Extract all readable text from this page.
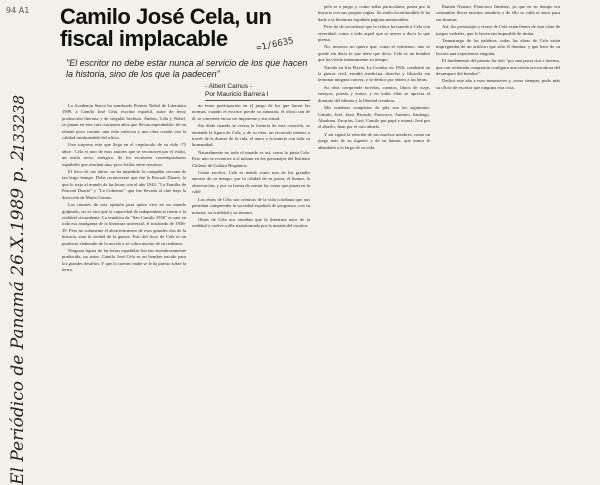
94 A1
133238
El Periódico de Panamá 26.X.1989 p. 2
Camilo José Cela, un fiscal implacable	=1/6635
"El escritor no debe estar nunca al servicio de los que hacen la historia, sino de los que la padecen"
- Albert Camus -
Por Mauricio Barrera I

La Academia Sueca ha nombrado Premio Nobel de Literatura 1989, a Camilo José Cela, escritor español, autor de feroz producción literaria y de singular hechura. Ambos, Cela y Nobel, se juntan en este casi cincuenta años que llevan esperándolo, de un talante poco común, una vida valerosa y una obra creada con la calidad insobornable del oficio.

Una sorpresa este que llega en el crepúsculo de su vida -73 años-. Cela es uno de esos autores que se reconocen por el estilo, un estilo recio, enérgico, de los escritores contemporáneos españoles que resultan muy poco leídos entre nosotros.

El fisco de sus obras, no ha impedido la compañía cercana de tan largo tiempo. Debe reconocerse que fue la Pascual Duarte, la que lo trajo al mundo de las letras con el año 1942: "La Familia de Pascual Duarte" y "La Colmena", que fue llevada al cine bajo la dirección de Mario Camus.

Las razones de esta opinión para quien vive en un mundo golpeado, no es otra que la capacidad de independencia frente a la realidad circundante. La temática de "San Camilo 1936" es uno en toda esa amalgama de la literatura universal, el trasfondo de 1936-39. Pero no solamente el aborrecimiento de esos grandes ríos de la historia, sino la verdad de la guerra. Esto del fisco de Cela es un producto elaborado de la novela y se cobra mucho de su realismo.

Ninguna figura de las letras españolas fue tan asombrosamente producida, un autor, Camilo José Cela es un hombre nacido para los grandes desafíos. Y que lo cuente: nadie se le ha puesto sobre la tierra.

no tener participación en el juego de los que hacen las normas, cuando el escritor pierde su sinrazón, el oficio tan de él, se convierte en un ser impotente y sin virtud.

Sin duda cuando se revisa la historia de esta creación, se entiende la figura de Cela; y de su obra, un recorrido intenso a través de la dureza de la vida, el amor y la muerte con toda su humanidad.

Naturalmente no todo el mundo es así, como lo pinta Cela. Pero uno se reconoce a sí mismo en los personajes del Instituto Chileno de Cultura Hispánica.

Como escritor, Cela es tenido como uno de los grandes autores de su tiempo, por la calidad de su prosa, el humor, la observación, y por su forma de contar las cosas que pasan en la calle.

Las obras de Cela son crónicas de la vida cotidiana que nos permiten comprender la sociedad española de posguerra, con su miseria, su crueldad y su ternura.

Obras de Cela nos enseñan que la literatura nace de la realidad y vuelve a ella transformada por la mirada del escritor.

pelo se a juego y, como señas particulares, pasea por la historia con sus propias reglas. Su estilo inconfundible le ha dado a la literatura española páginas memorables.

Pero ha de recordarse que la crítica ha tratado a Cela con severidad, como a todo aquel que se atreve a decir lo que piensa.

No, nosotros no quiero que, como al comienzo, uno se quede sin decir lo que tiene que decir. Cela es un hombre que ha vivido intensamente su tiempo.

Nacido en Iria Flavia, La Coruña, en 1916, combatió en la guerra civil, estudió medicina, derecho y filosofía sin terminar ninguna carrera, y se dedicó por entero a las letras.

Su obra comprende novelas, cuentos, libros de viaje, ensayos, poesía y teatro, y en todas ellas se aprecia el dominio del idioma y la libertad creadora.

Mis nombres completos de pila son los siguientes: Camilo, José, Juan, Ricardo, Francisco, Antonio, Santiago, Abraham, Zacarías, Lavi. Camilo por papá y mamá; José por el abuelo; Juan por el otro abuelo.

Y así siguió la relación de sus muchos nombres, como un juego más de su ingenio y de su humor, que nunca le abandonó a lo largo de su vida.

Ramón Nonato, Francisco Jiménez, ya que en su tiempo era costumbre llevar muchos nombres y de ello se valía el autor para sus bromas.

Así, los personajes y textos de Cela están llenos de esta clase de juegos verbales, que lo hacen tan imposible de imitar.

Taumaturgo de las palabras, todas las obras de Cela están impregnadas de un artificio que sólo él domina, y que hace de su lectura una experiencia singular.

El fundamento del premio ha sido "por una prosa rica e intensa, que con refrenada compasión configura una visión provocadora del desamparo del hombre".

Dedicó este año a esos menesteres y, como siempre, pudo más su oficio de escritor que ninguna otra cosa.
